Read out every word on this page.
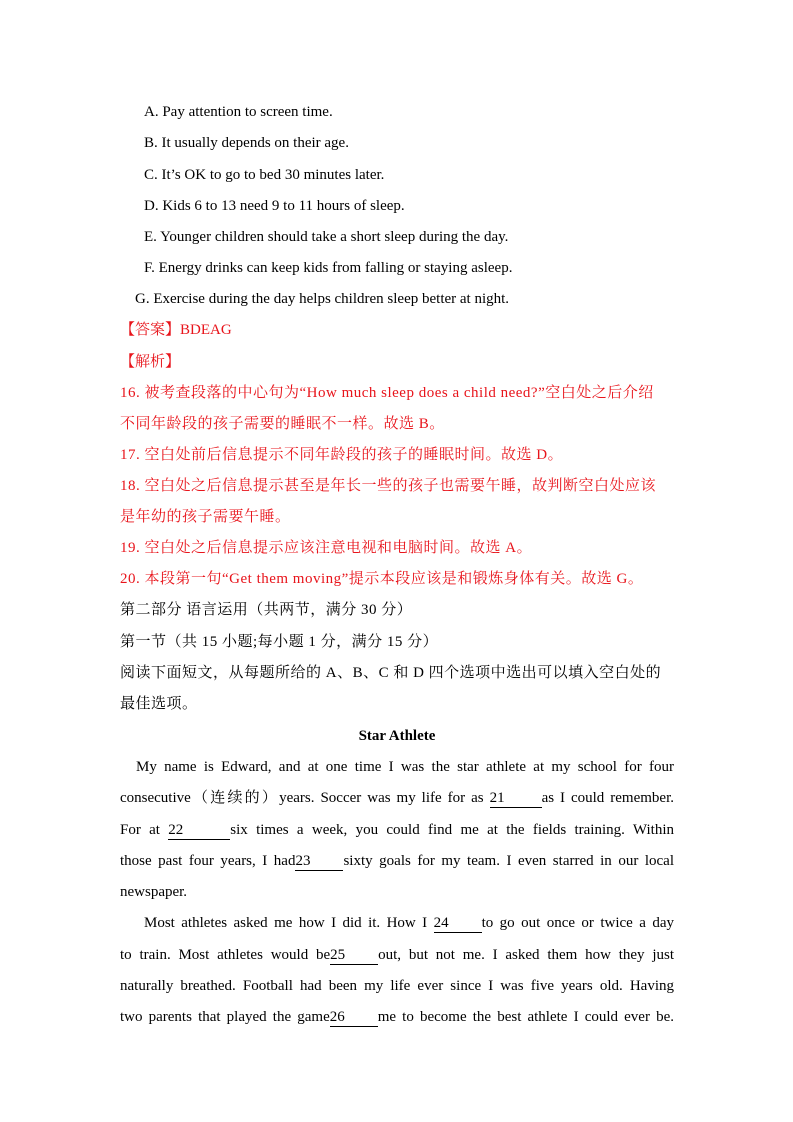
A. Pay attention to screen time.
B. It usually depends on their age.
C. It’s OK to go to bed 30 minutes later.
D. Kids 6 to 13 need 9 to 11 hours of sleep.
E. Younger children should take a short sleep during the day.
F. Energy drinks can keep kids from falling or staying asleep.
G. Exercise during the day helps children sleep better at night.
【答案】BDEAG
【解析】
16. 被考查段落的中心句为“How much sleep does a child need?”空白处之后介绍
不同年龄段的孩子需要的睡眠不一样。故选 B。
17. 空白处前后信息提示不同年龄段的孩子的睡眠时间。故选 D。
18. 空白处之后信息提示甚至是年长一些的孩子也需要午睡，故判断空白处应该
是年幼的孩子需要午睡。
19. 空白处之后信息提示应该注意电视和电脑时间。故选 A。
20. 本段第一句“Get them moving”提示本段应该是和锻炼身体有关。故选 G。
第二部分 语言运用（共两节，满分 30 分）
第一节（共 15 小题;每小题 1 分，满分 15 分）
阅读下面短文，从每题所给的 A、B、C 和 D 四个选项中选出可以填入空白处的
最佳选项。
Star Athlete
My name is Edward, and at one time I was the star athlete at my school for four
consecutive（连续的）years. Soccer was my life for as 21 as I could remember.
For at 22	six times a week, you could find me at the fields training. Within
those past four years, I had23 sixty goals for my team. I even starred in our local
newspaper.
Most athletes asked me how I did it. How I 24 to go out once or twice a day
to train. Most athletes would be25 out, but not me. I asked them how they just
naturally breathed. Football had been my life ever since I was five years old. Having
two parents that played the game26 me to become the best athlete I could ever be.
